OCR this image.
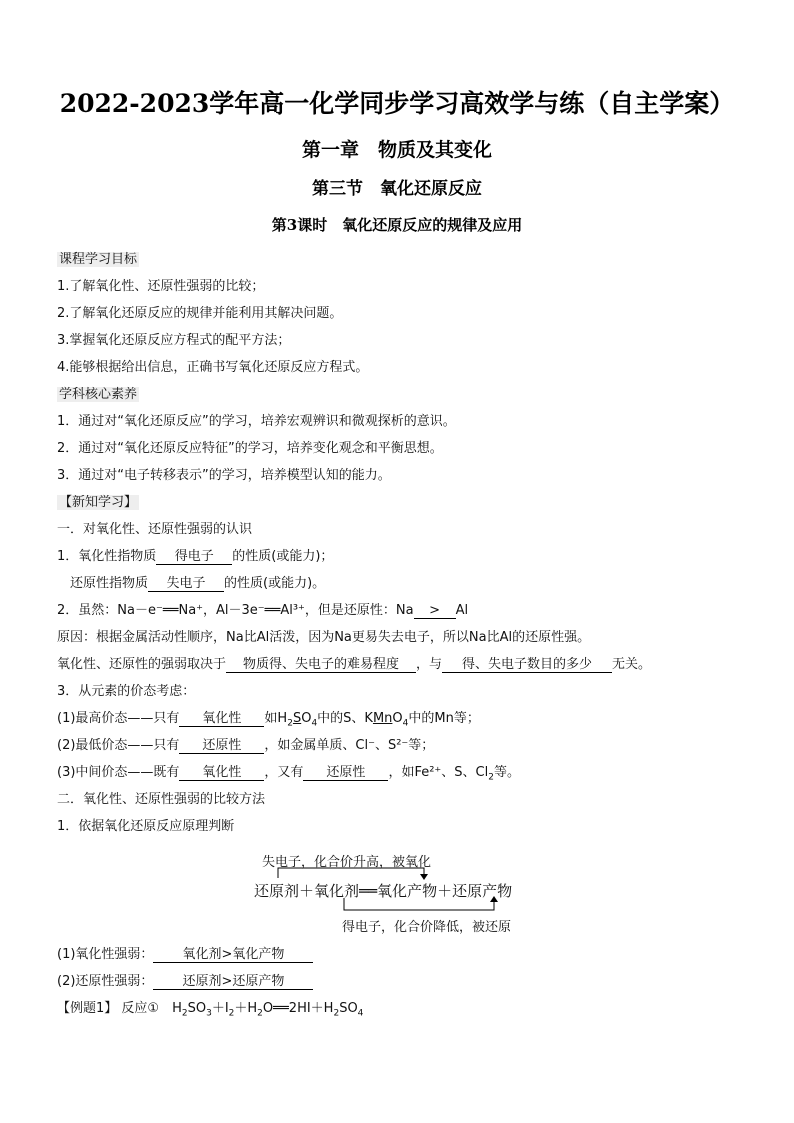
2022-2023学年高一化学同步学习高效学与练（自主学案）
第一章　物质及其变化
第三节　氧化还原反应
第3课时　氧化还原反应的规律及应用
课程学习目标
1.了解氧化性、还原性强弱的比较；
2.了解氧化还原反应的规律并能利用其解决问题。
3.掌握氧化还原反应方程式的配平方法；
4.能够根据给出信息，正确书写氧化还原反应方程式。
学科核心素养
1．通过对“氧化还原反应”的学习，培养宏观辨识和微观探析的意识。
2．通过对“氧化还原反应特征”的学习，培养变化观念和平衡思想。
3．通过对“电子转移表示”的学习，培养模型认知的能力。
【新知学习】
一．对氧化性、还原性强弱的认识
1．氧化性指物质 得电子 的性质(或能力)；
还原性指物质 失电子 的性质(或能力)。
2．虽然：Na－e⁻══Na⁺，Al－3e⁻══Al³⁺，但是还原性：Na > Al
原因：根据金属活动性顺序，Na比Al活泼，因为Na更易失去电子，所以Na比Al的还原性强。
氧化性、还原性的强弱取决于 物质得、失电子的难易程度 ，与 得、失电子数目的多少 无关。
3．从元素的价态考虑：
(1)最高价态——只有 氧化性 如$H_2SO_4$中的S、KMnO$_4$中的Mn等；
(2)最低价态——只有 还原性 ，如金属单质、Cl⁻、S²⁻等；
(3)中间价态——既有 氧化性 ，又有 还原性 ，如Fe²⁺、S、$Cl_2$等。
二．氧化性、还原性强弱的比较方法
1．依据氧化还原反应原理判断
失电子，化合价升高，被氧化
还原剂＋氧化剂══氧化产物＋还原产物
得电子，化合价降低，被还原
(1)氧化性强弱： 氧化剂>氧化产物
(2)还原性强弱： 还原剂>还原产物
【例题1】 反应①　$H_2SO_3+I_2+H_2O══2HI+H_2SO_4$
